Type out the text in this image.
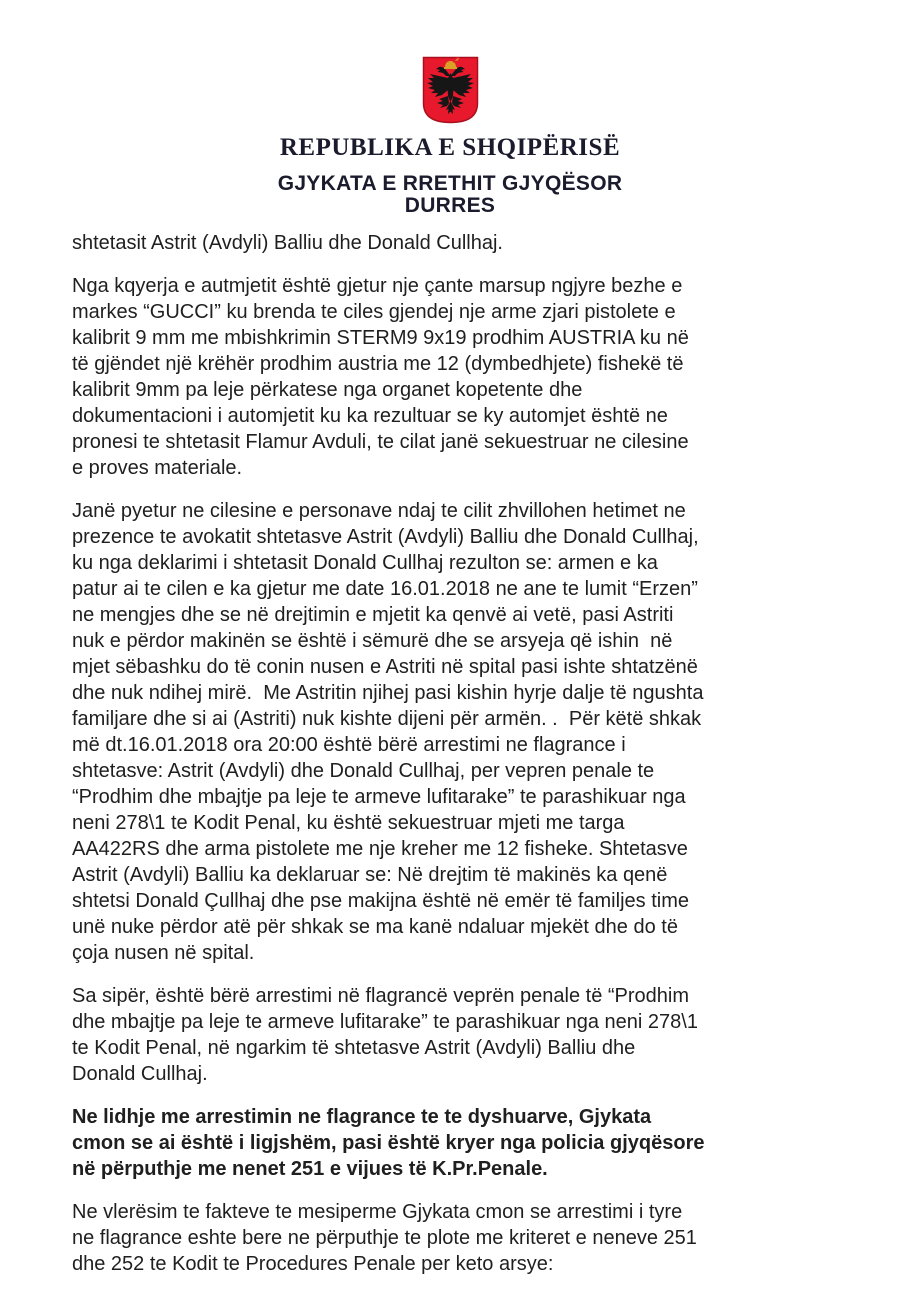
REPUBLIKA E SHQIPËRISË
GJYKATA E RRETHIT GJYQËSOR
DURRES
shtetasit Astrit (Avdyli) Balliu dhe Donald Cullhaj.
Nga kqyerja e autmjetit është gjetur nje çante marsup ngjyre bezhe e
markes “GUCCI” ku brenda te ciles gjendej nje arme zjari pistolete e
kalibrit 9 mm me mbishkrimin STERM9 9x19 prodhim AUSTRIA ku në
të gjëndet një krëhër prodhim austria me 12 (dymbedhjete) fishekë të
kalibrit 9mm pa leje përkatese nga organet kopetente dhe
dokumentacioni i automjetit ku ka rezultuar se ky automjet është ne
pronesi te shtetasit Flamur Avduli, te cilat janë sekuestruar ne cilesine
e proves materiale.
Janë pyetur ne cilesine e personave ndaj te cilit zhvillohen hetimet ne
prezence te avokatit shtetasve Astrit (Avdyli) Balliu dhe Donald Cullhaj,
ku nga deklarimi i shtetasit Donald Cullhaj rezulton se: armen e ka
patur ai te cilen e ka gjetur me date 16.01.2018 ne ane te lumit “Erzen”
ne mengjes dhe se në drejtimin e mjetit ka qenvë ai vetë, pasi Astriti
nuk e përdor makinën se është i sëmurë dhe se arsyeja që ishin  në
mjet sëbashku do të conin nusen e Astriti në spital pasi ishte shtatzënë
dhe nuk ndihej mirë.  Me Astritin njihej pasi kishin hyrje dalje të ngushta
familjare dhe si ai (Astriti) nuk kishte dijeni për armën. .  Për këtë shkak
më dt.16.01.2018 ora 20:00 është bërë arrestimi ne flagrance i
shtetasve: Astrit (Avdyli) dhe Donald Cullhaj, per vepren penale te
“Prodhim dhe mbajtje pa leje te armeve lufitarake” te parashikuar nga
neni 278\1 te Kodit Penal, ku është sekuestruar mjeti me targa
AA422RS dhe arma pistolete me nje kreher me 12 fisheke. Shtetasve
Astrit (Avdyli) Balliu ka deklaruar se: Në drejtim të makinës ka qenë
shtetsi Donald Çullhaj dhe pse makijna është në emër të familjes time
unë nuke përdor atë për shkak se ma kanë ndaluar mjekët dhe do të
çoja nusen në spital.
Sa sipër, është bërë arrestimi në flagrancë veprën penale të “Prodhim
dhe mbajtje pa leje te armeve lufitarake” te parashikuar nga neni 278\1
te Kodit Penal, në ngarkim të shtetasve Astrit (Avdyli) Balliu dhe
Donald Cullhaj.
Ne lidhje me arrestimin ne flagrance te te dyshuarve, Gjykata
cmon se ai është i ligjshëm, pasi është kryer nga policia gjyqësore
në përputhje me nenet 251 e vijues të K.Pr.Penale.
Ne vlerësim te fakteve te mesiperme Gjykata cmon se arrestimi i tyre
ne flagrance eshte bere ne përputhje te plote me kriteret e neneve 251
dhe 252 te Kodit te Procedures Penale per keto arsye:
